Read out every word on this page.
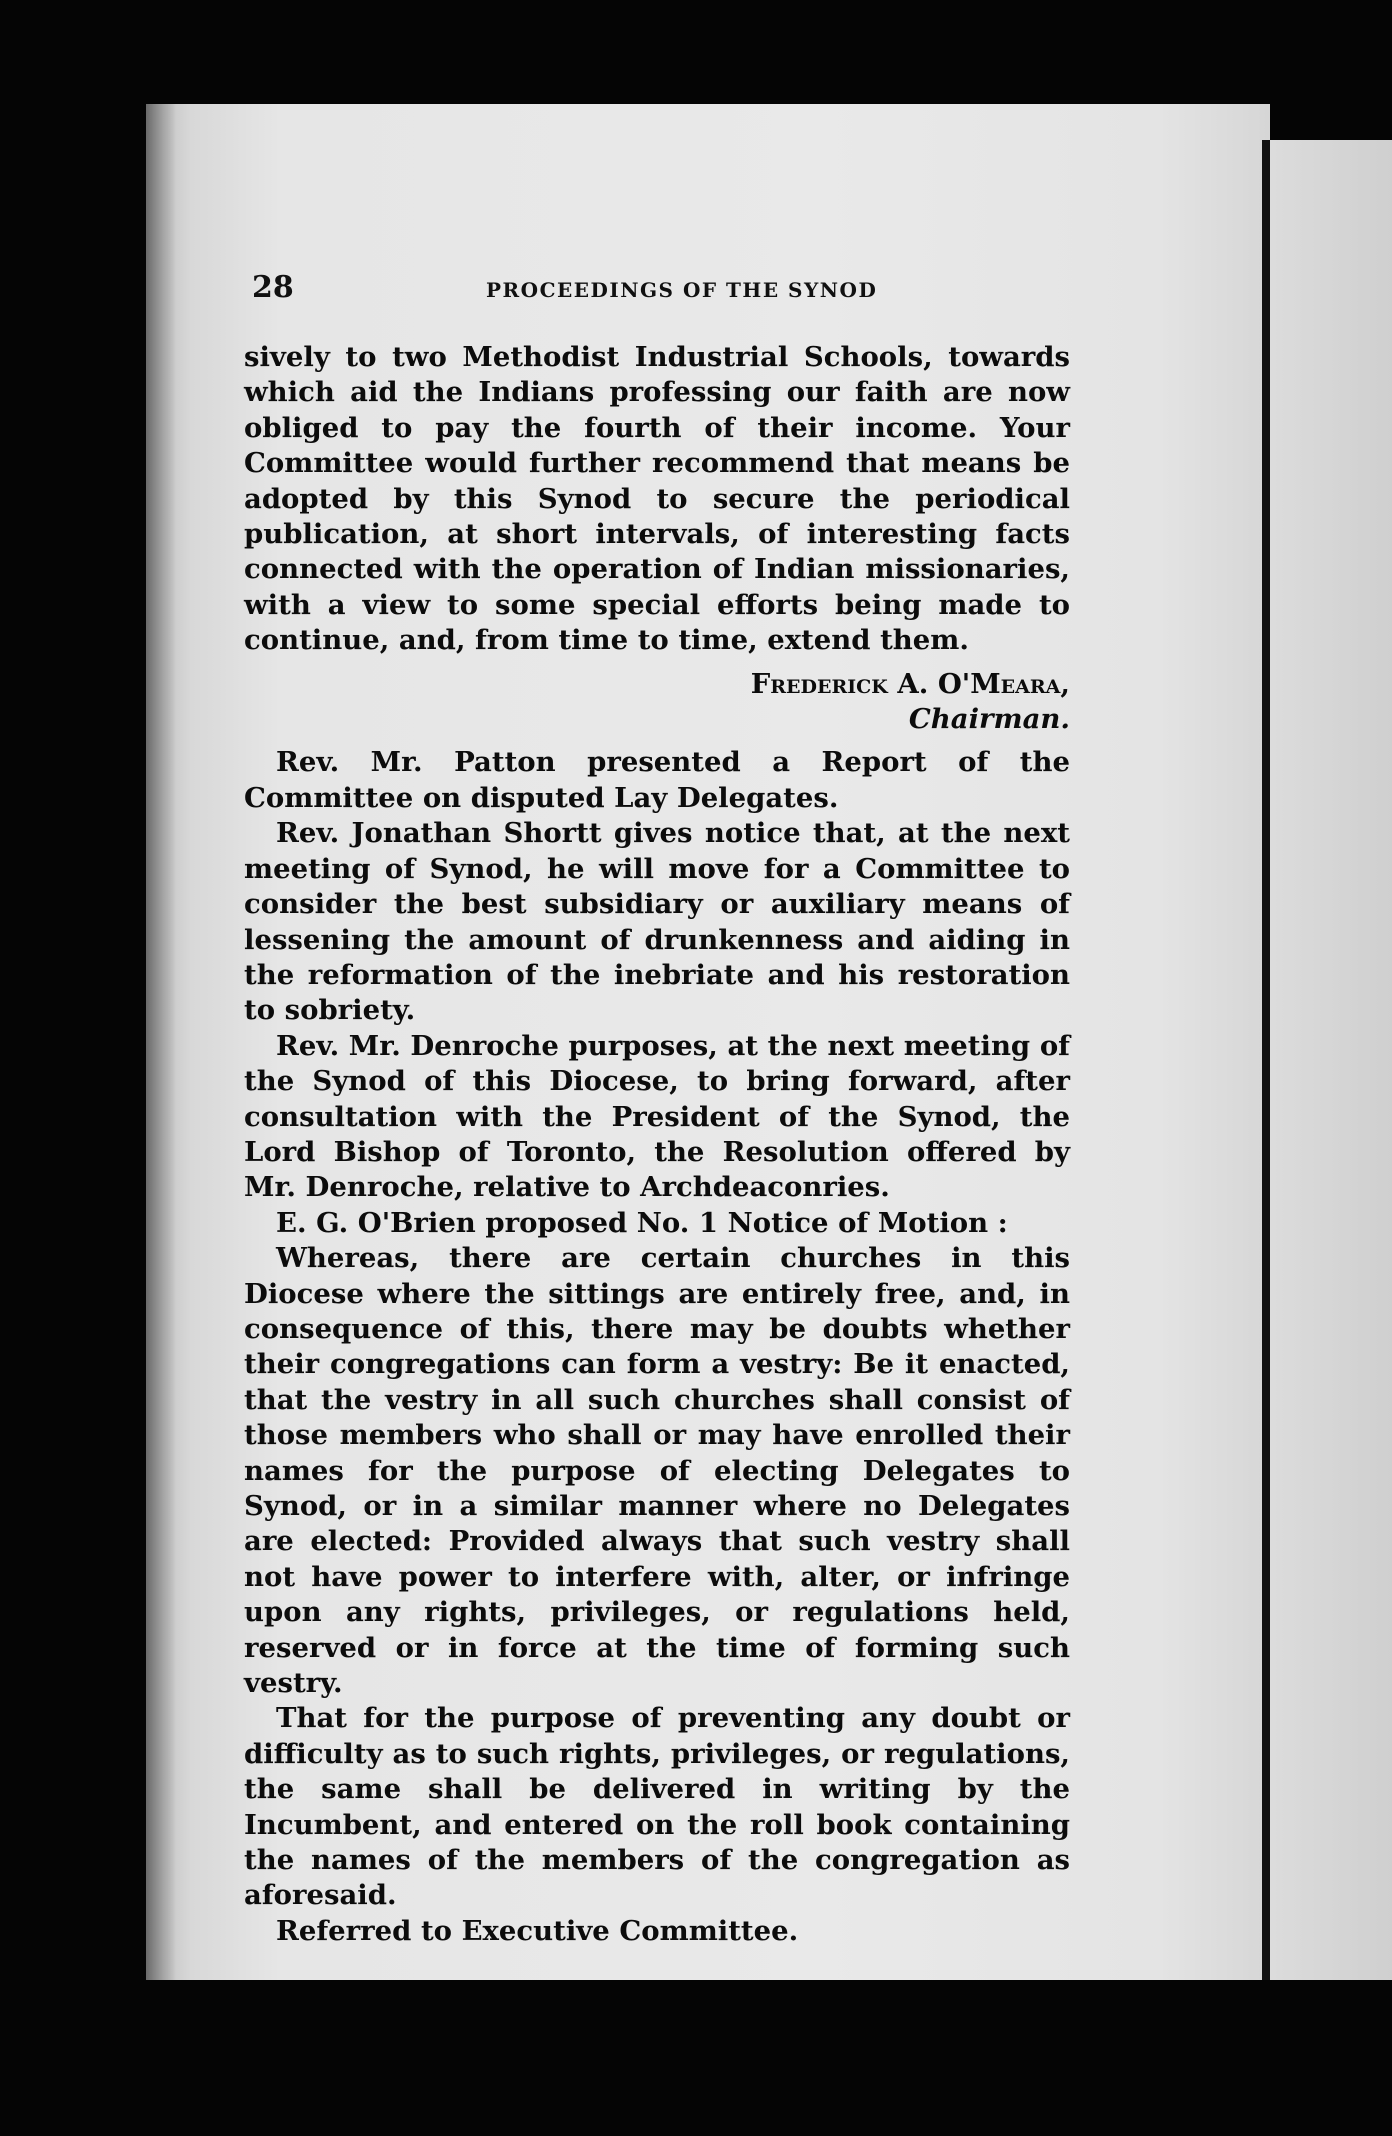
28	PROCEEDINGS OF THE SYNOD

sively to two Methodist Industrial Schools, towards which aid the Indians professing our faith are now obliged to pay the fourth of their income. Your Committee would further recommend that means be adopted by this Synod to secure the periodical publication, at short intervals, of interesting facts connected with the operation of Indian missionaries, with a view to some special efforts being made to continue, and, from time to time, extend them.

Frederick A. O'Meara,

Chairman.

Rev. Mr. Patton presented a Report of the Committee on disputed Lay Delegates.

Rev. Jonathan Shortt gives notice that, at the next meeting of Synod, he will move for a Committee to consider the best subsidiary or auxiliary means of lessening the amount of drunkenness and aiding in the reformation of the inebriate and his restoration to sobriety.

Rev. Mr. Denroche purposes, at the next meeting of the Synod of this Diocese, to bring forward, after consultation with the President of the Synod, the Lord Bishop of Toronto, the Resolution offered by Mr. Denroche, relative to Archdeaconries.

E. G. O'Brien proposed No. 1 Notice of Motion :

Whereas, there are certain churches in this Diocese where the sittings are entirely free, and, in consequence of this, there may be doubts whether their congregations can form a vestry: Be it enacted, that the vestry in all such churches shall consist of those members who shall or may have enrolled their names for the purpose of electing Delegates to Synod, or in a similar manner where no Delegates are elected: Provided always that such vestry shall not have power to interfere with, alter, or infringe upon any rights, privileges, or regulations held, reserved or in force at the time of forming such vestry.

That for the purpose of preventing any doubt or difficulty as to such rights, privileges, or regulations, the same shall be delivered in writing by the Incumbent, and entered on the roll book containing the names of the members of the congregation as aforesaid.

Referred to Executive Committee.
